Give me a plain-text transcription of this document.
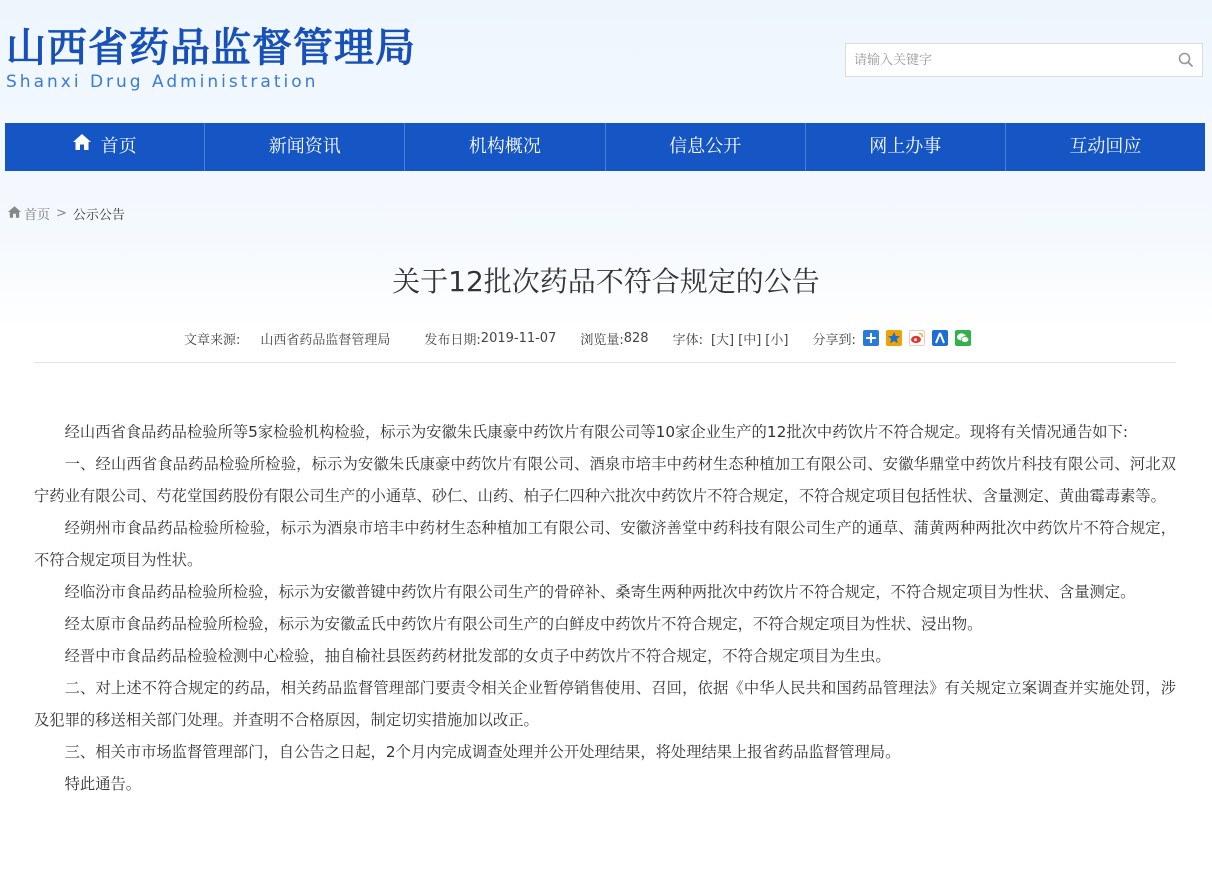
山西省药品监督管理局
Shanxi Drug Administration
请输入关键字
首页	新闻资讯	机构概况	信息公开	网上办事	互动回应
首页 > 公示公告
关于12批次药品不符合规定的公告
文章来源: 山西省药品监督管理局	发布日期: 2019-11-07 浏览量: 828 字体: [大] [中] [小] 分享到:

经山西省食品药品检验所等5家检验机构检验，标示为安徽朱氏康豪中药饮片有限公司等10家企业生产的12批次中药饮片不符合规定。现将有关情况通告如下:

一、经山西省食品药品检验所检验，标示为安徽朱氏康豪中药饮片有限公司、酒泉市培丰中药材生态种植加工有限公司、安徽华鼎堂中药饮片科技有限公司、河北双宁药业有限公司、芍花堂国药股份有限公司生产的小通草、砂仁、山药、柏子仁四种六批次中药饮片不符合规定，不符合规定项目包括性状、含量测定、黄曲霉毒素等。

经朔州市食品药品检验所检验，标示为酒泉市培丰中药材生态种植加工有限公司、安徽济善堂中药科技有限公司生产的通草、蒲黄两种两批次中药饮片不符合规定，不符合规定项目为性状。

经临汾市食品药品检验所检验，标示为安徽普键中药饮片有限公司生产的骨碎补、桑寄生两种两批次中药饮片不符合规定，不符合规定项目为性状、含量测定。

经太原市食品药品检验所检验，标示为安徽孟氏中药饮片有限公司生产的白鲜皮中药饮片不符合规定，不符合规定项目为性状、浸出物。

经晋中市食品药品检验检测中心检验，抽自榆社县医药药材批发部的女贞子中药饮片不符合规定，不符合规定项目为生虫。

二、对上述不符合规定的药品，相关药品监督管理部门要责令相关企业暂停销售使用、召回，依据《中华人民共和国药品管理法》有关规定立案调查并实施处罚，涉及犯罪的移送相关部门处理。并查明不合格原因，制定切实措施加以改正。

三、相关市市场监督管理部门，自公告之日起，2个月内完成调查处理并公开处理结果，将处理结果上报省药品监督管理局。

特此通告。
